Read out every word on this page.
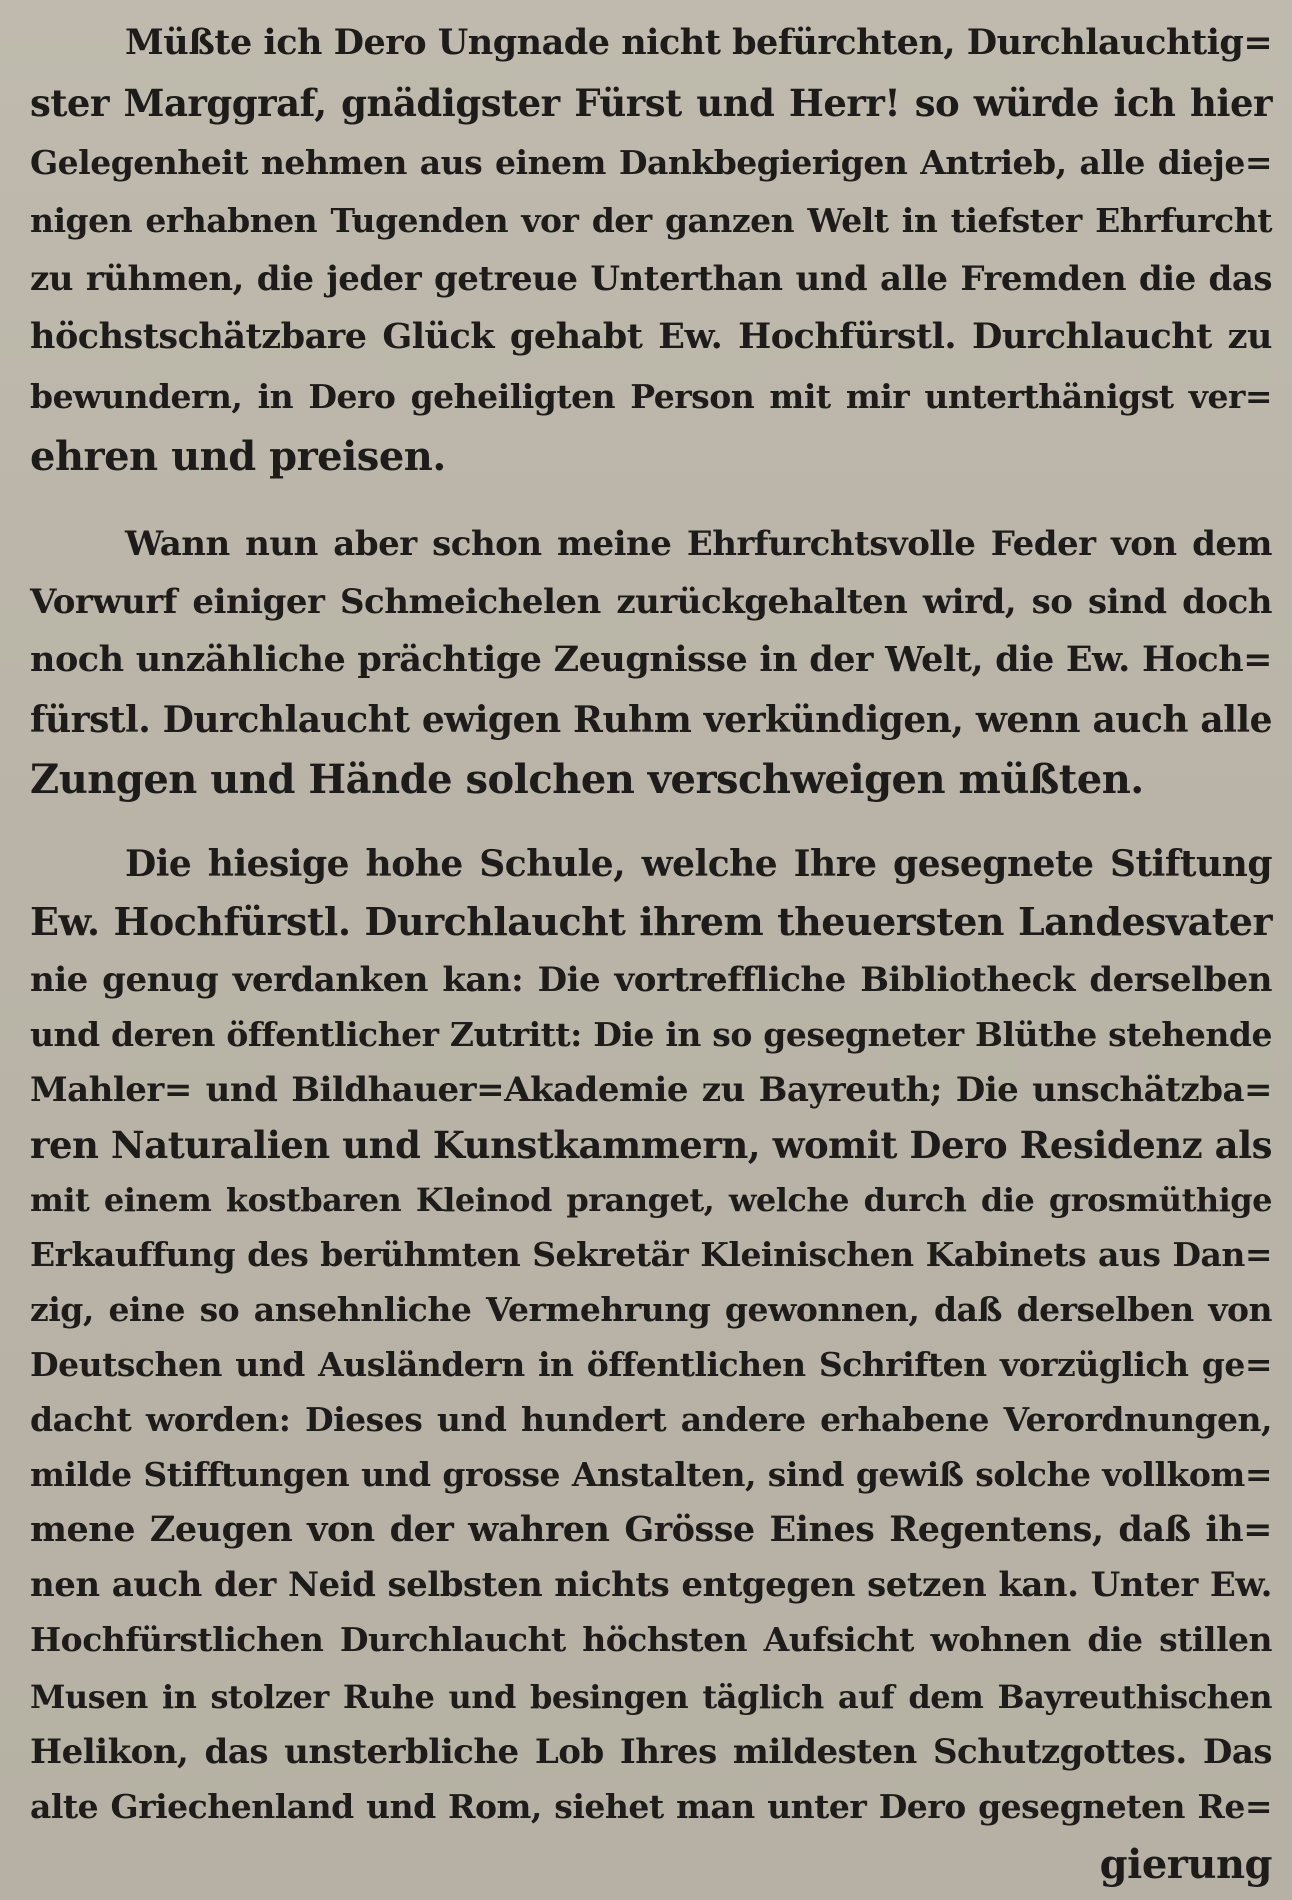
Müßte ich Dero Ungnade nicht befürchten, Durchlauchtig=
ster Marggraf, gnädigster Fürst und Herr! so würde ich hier
Gelegenheit nehmen aus einem Dankbegierigen Antrieb, alle dieje=
nigen erhabnen Tugenden vor der ganzen Welt in tiefster Ehrfurcht
zu rühmen, die jeder getreue Unterthan und alle Fremden die das
höchstschätzbare Glück gehabt Ew. Hochfürstl. Durchlaucht zu
bewundern, in Dero geheiligten Person mit mir unterthänigst ver=
ehren und preisen.
Wann nun aber schon meine Ehrfurchtsvolle Feder von dem
Vorwurf einiger Schmeichelen zurückgehalten wird, so sind doch
noch unzähliche prächtige Zeugnisse in der Welt, die Ew. Hoch=
fürstl. Durchlaucht ewigen Ruhm verkündigen, wenn auch alle
Zungen und Hände solchen verschweigen müßten.
Die hiesige hohe Schule, welche Ihre gesegnete Stiftung
Ew. Hochfürstl. Durchlaucht ihrem theuersten Landesvater
nie genug verdanken kan: Die vortreffliche Bibliotheck derselben
und deren öffentlicher Zutritt: Die in so gesegneter Blüthe stehende
Mahler= und Bildhauer=Akademie zu Bayreuth; Die unschätzba=
ren Naturalien und Kunstkammern, womit Dero Residenz als
mit einem kostbaren Kleinod pranget, welche durch die grosmüthige
Erkauffung des berühmten Sekretär Kleinischen Kabinets aus Dan=
zig, eine so ansehnliche Vermehrung gewonnen, daß derselben von
Deutschen und Ausländern in öffentlichen Schriften vorzüglich ge=
dacht worden: Dieses und hundert andere erhabene Verordnungen,
milde Stifftungen und grosse Anstalten, sind gewiß solche vollkom=
mene Zeugen von der wahren Grösse Eines Regentens, daß ih=
nen auch der Neid selbsten nichts entgegen setzen kan. Unter Ew.
Hochfürstlichen Durchlaucht höchsten Aufsicht wohnen die stillen
Musen in stolzer Ruhe und besingen täglich auf dem Bayreuthischen
Helikon, das unsterbliche Lob Ihres mildesten Schutzgottes. Das
alte Griechenland und Rom, siehet man unter Dero gesegneten Re=
gierung
